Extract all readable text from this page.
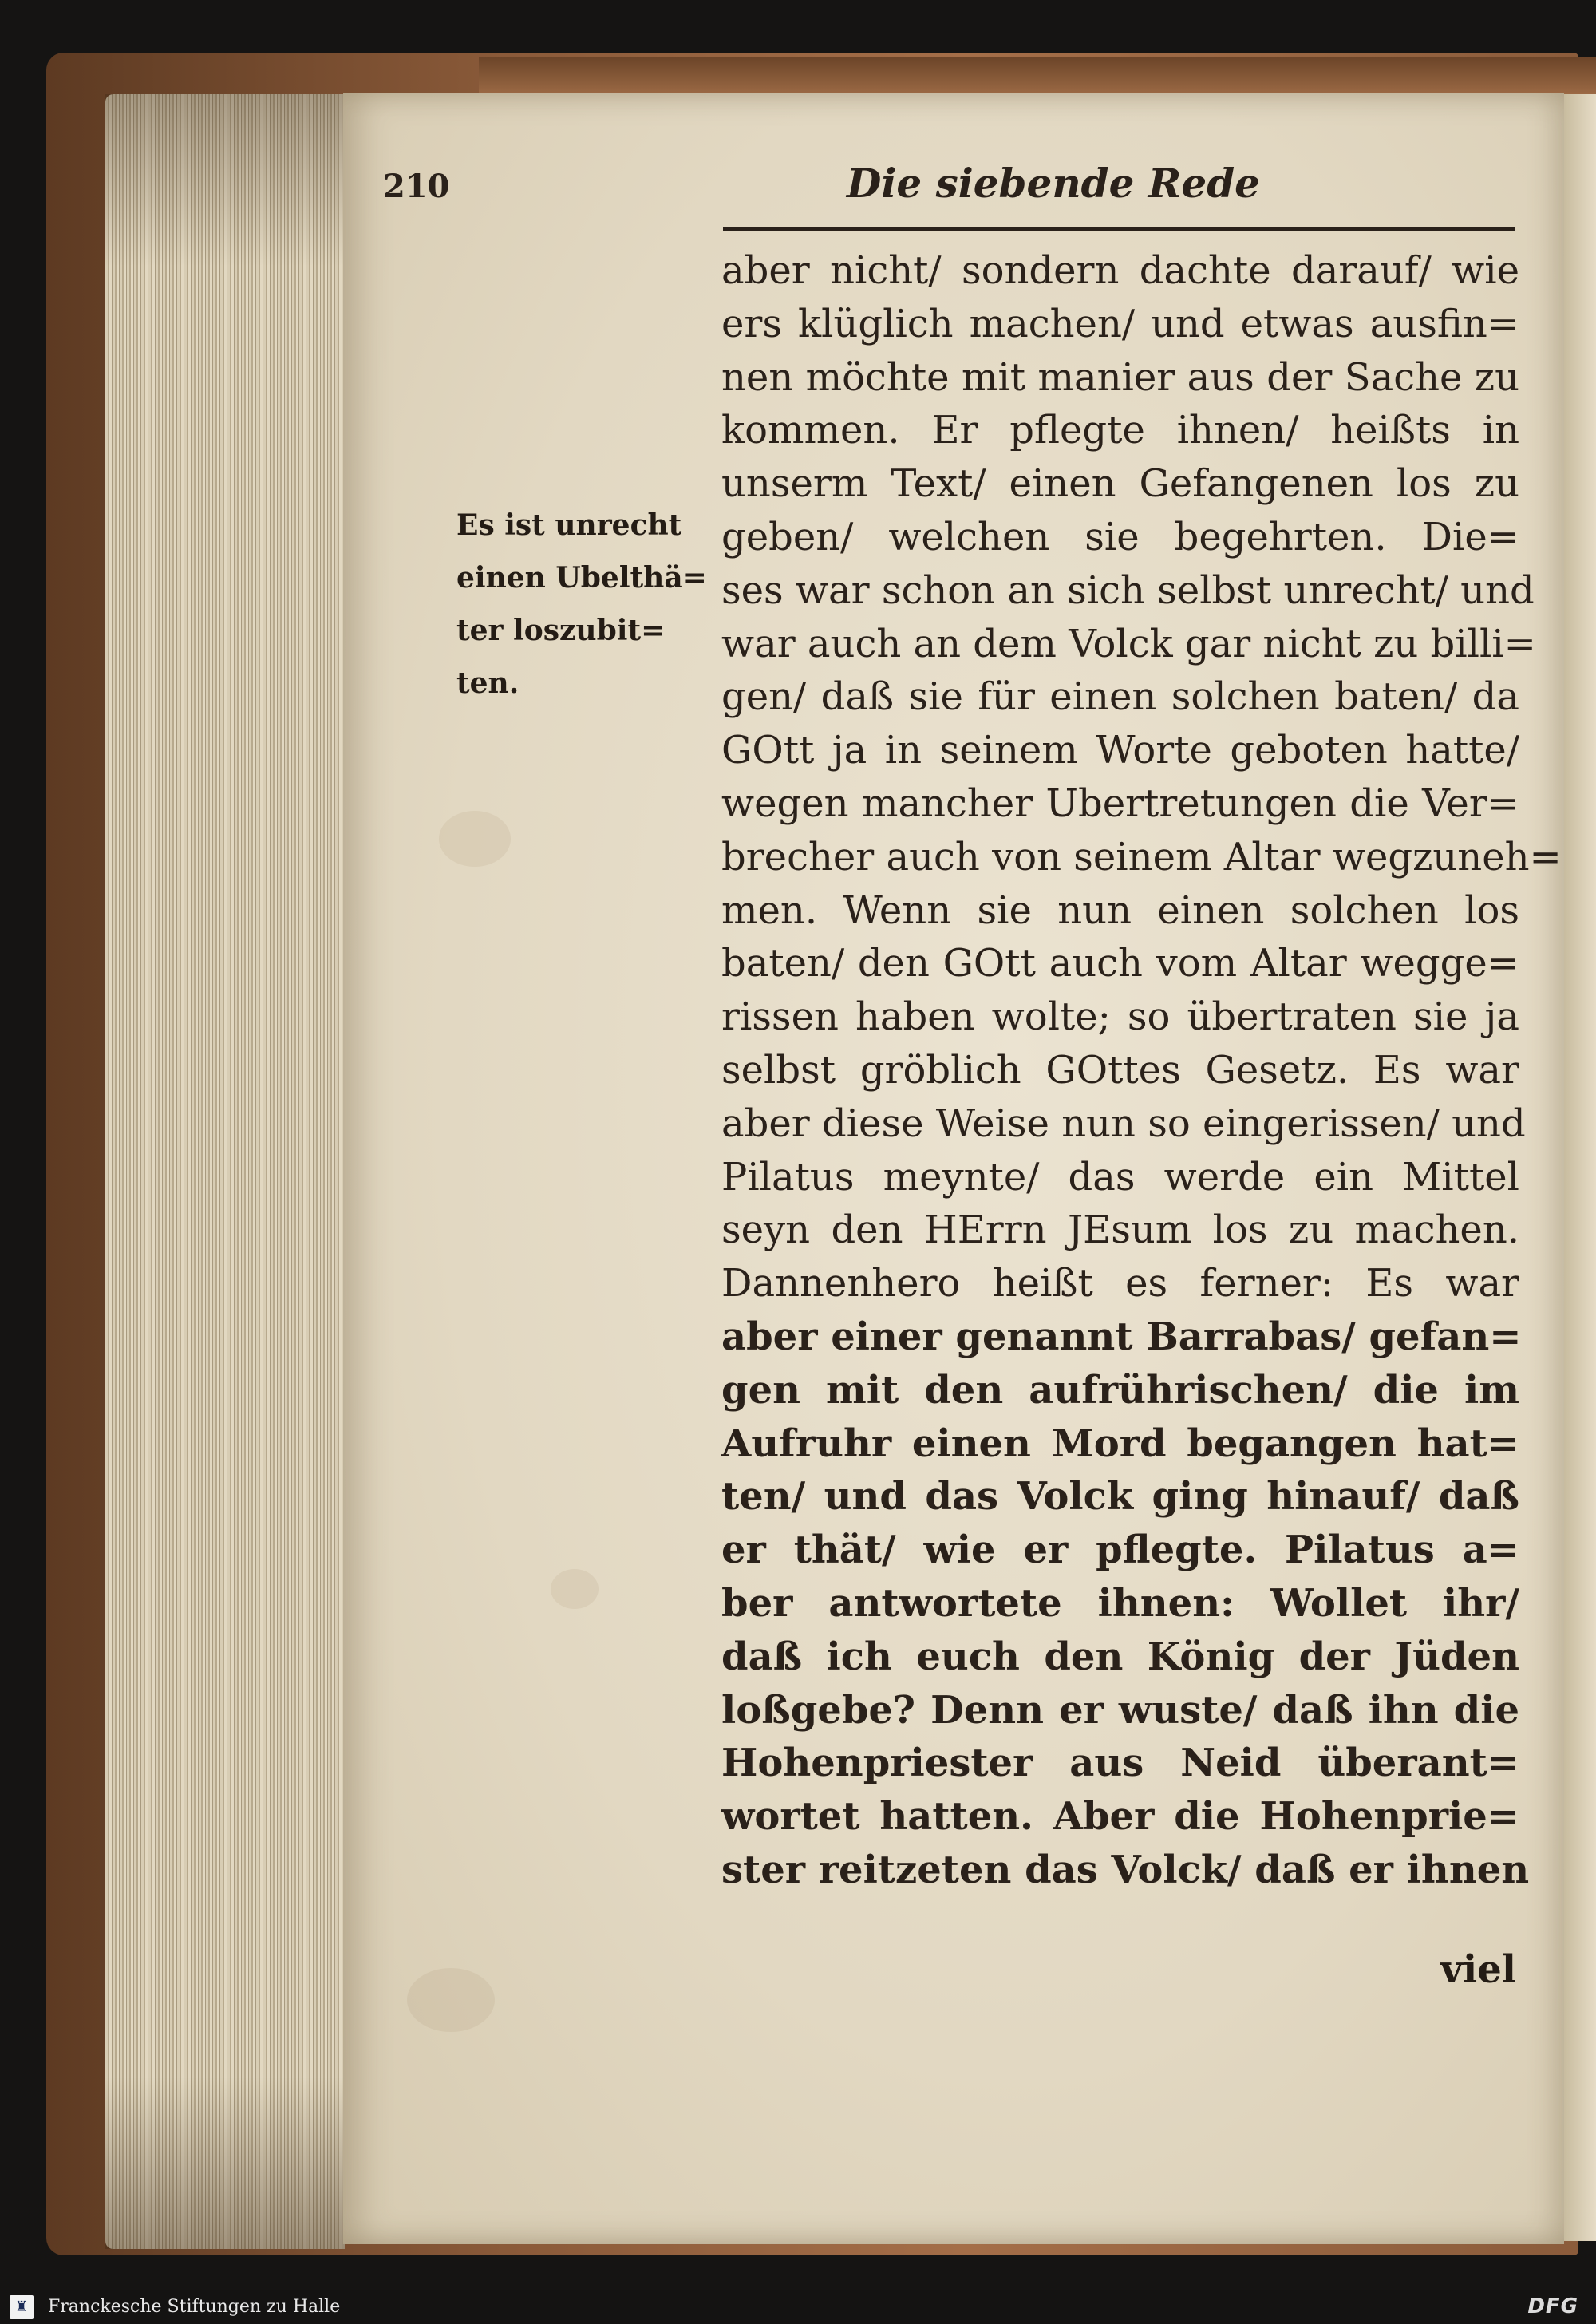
210	Die siebende Rede
Es ist unrecht
einen Ubelthä=
ter loszubit=
ten.
aber nicht/ sondern dachte darauf/ wie
ers klüglich machen/ und etwas ausfin=
nen möchte mit manier aus der Sache zu
kommen. Er pflegte ihnen/ heißts in
unserm Text/ einen Gefangenen los zu
geben/ welchen sie begehrten. Die=
ses war schon an sich selbst unrecht/ und
war auch an dem Volck gar nicht zu billi=
gen/ daß sie für einen solchen baten/ da
GOtt ja in seinem Worte geboten hatte/
wegen mancher Ubertretungen die Ver=
brecher auch von seinem Altar wegzuneh=
men. Wenn sie nun einen solchen los
baten/ den GOtt auch vom Altar wegge=
rissen haben wolte; so übertraten sie ja
selbst gröblich GOttes Gesetz. Es war
aber diese Weise nun so eingerissen/ und
Pilatus meynte/ das werde ein Mittel
seyn den HErrn JEsum los zu machen.
Dannenhero heißt es ferner: Es war
aber einer genannt Barrabas/ gefan=
gen mit den aufrührischen/ die im
Aufruhr einen Mord begangen hat=
ten/ und das Volck ging hinauf/ daß
er thät/ wie er pflegte. Pilatus a=
ber antwortete ihnen: Wollet ihr/
daß ich euch den König der Jüden
loßgebe? Denn er wuste/ daß ihn die
Hohenpriester aus Neid überant=
wortet hatten. Aber die Hohenprie=
ster reitzeten das Volck/ daß er ihnen
viel
♜	Franckesche Stiftungen zu Halle	DFG
